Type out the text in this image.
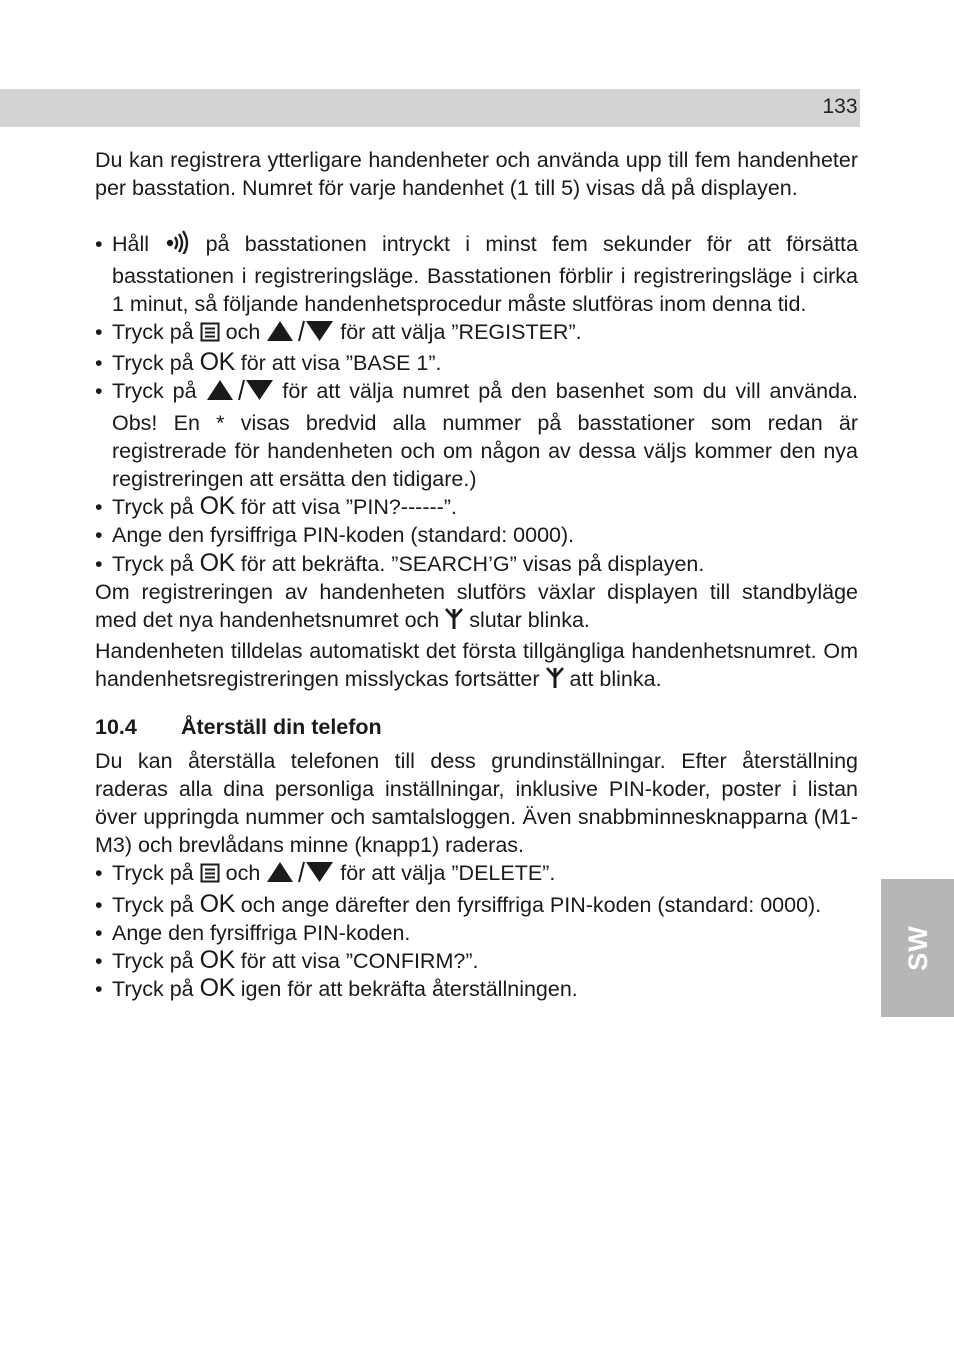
133
SW

Du kan registrera ytterligare handenheter och använda upp till fem handenheter per basstation. Numret för varje handenhet (1 till 5) visas då på displayen.

• Håll	på basstationen intryckt i minst fem sekunder för att försätta basstationen i registreringsläge. Basstationen förblir i registreringsläge i cirka 1 minut, så följande handenhetsprocedur måste slutföras inom denna tid.
• Tryck på och	för att välja ”REGISTER”.
• Tryck på OK för att visa ”BASE 1”.
• Tryck på	för att välja numret på den basenhet som du vill använda. Obs! En * visas bredvid alla nummer på basstationer som redan är registrerade för handenheten och om någon av dessa väljs kommer den nya registreringen att ersätta den tidigare.)
• Tryck på OK för att visa ”PIN?------”.
• Ange den fyrsiffriga PIN-koden (standard: 0000).
• Tryck på OK för att bekräfta. ”SEARCH’G” visas på displayen.

Om registreringen av handenheten slutförs växlar displayen till standbyläge med det nya handenhetsnumret och slutar blinka.

Handenheten tilldelas automatiskt det första tillgängliga handenhetsnumret. Om handenhetsregistreringen misslyckas fortsätter att blinka.

10.4 Återställ din telefon

Du kan återställa telefonen till dess grundinställningar. Efter återställning raderas alla dina personliga inställningar, inklusive PIN-koder, poster i listan över uppringda nummer och samtalsloggen. Även snabbminnesknapparna (M1-M3) och brevlådans minne (knapp1) raderas.

• Tryck på och	för att välja ”DELETE”.
• Tryck på OK och ange därefter den fyrsiffriga PIN-koden (standard: 0000).
• Ange den fyrsiffriga PIN-koden.
• Tryck på OK för att visa ”CONFIRM?”.
• Tryck på OK igen för att bekräfta återställningen.
